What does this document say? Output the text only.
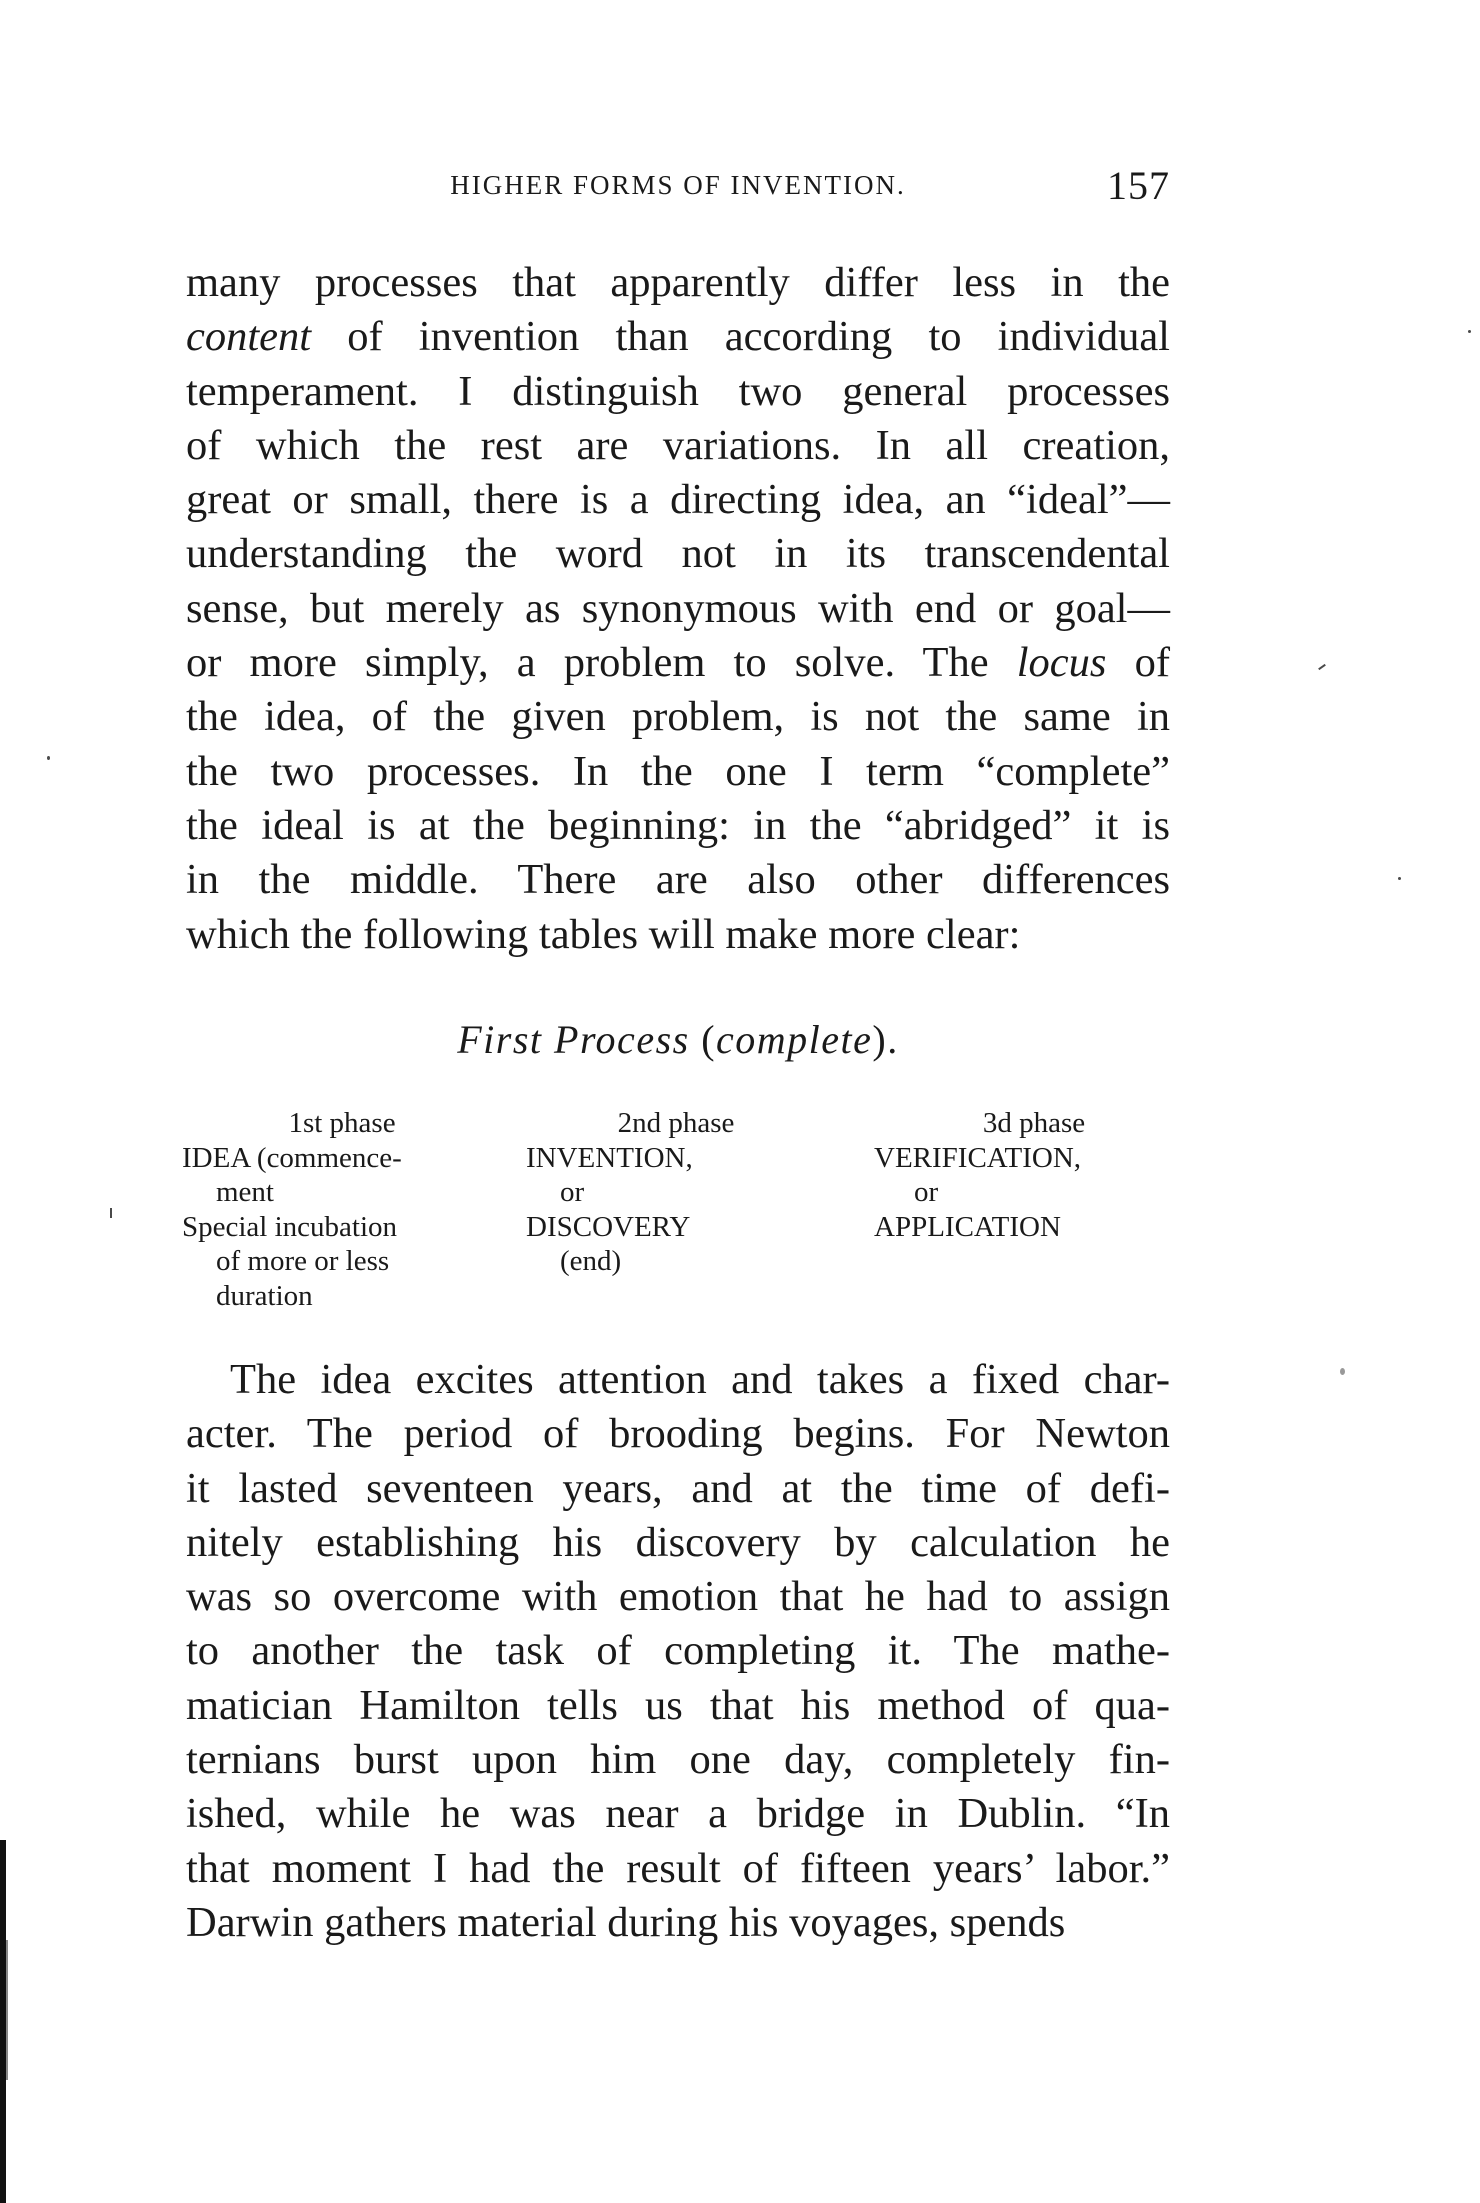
HIGHER FORMS OF INVENTION.	157
many processes that apparently differ less in the
content of invention than according to individual
temperament. I distinguish two general processes
of which the rest are variations. In all creation,
great or small, there is a directing idea, an “ideal”—
understanding the word not in its transcendental
sense, but merely as synonymous with end or goal—
or more simply, a problem to solve. The locus of
the idea, of the given problem, is not the same in
the two processes. In the one I term “complete”
the ideal is at the beginning: in the “abridged” it is
in the middle. There are also other differences
which the following tables will make more clear:
First Process (complete).
1st phase
IDEA (commence-
ment
Special incubation
of more or less
duration
2nd phase
INVENTION,
or
DISCOVERY
(end)
3d phase
VERIFICATION,
or
APPLICATION
The idea excites attention and takes a fixed char-
acter. The period of brooding begins. For Newton
it lasted seventeen years, and at the time of defi-
nitely establishing his discovery by calculation he
was so overcome with emotion that he had to assign
to another the task of completing it. The mathe-
matician Hamilton tells us that his method of qua-
ternians burst upon him one day, completely fin-
ished, while he was near a bridge in Dublin. “In
that moment I had the result of fifteen years’ labor.”
Darwin gathers material during his voyages, spends
